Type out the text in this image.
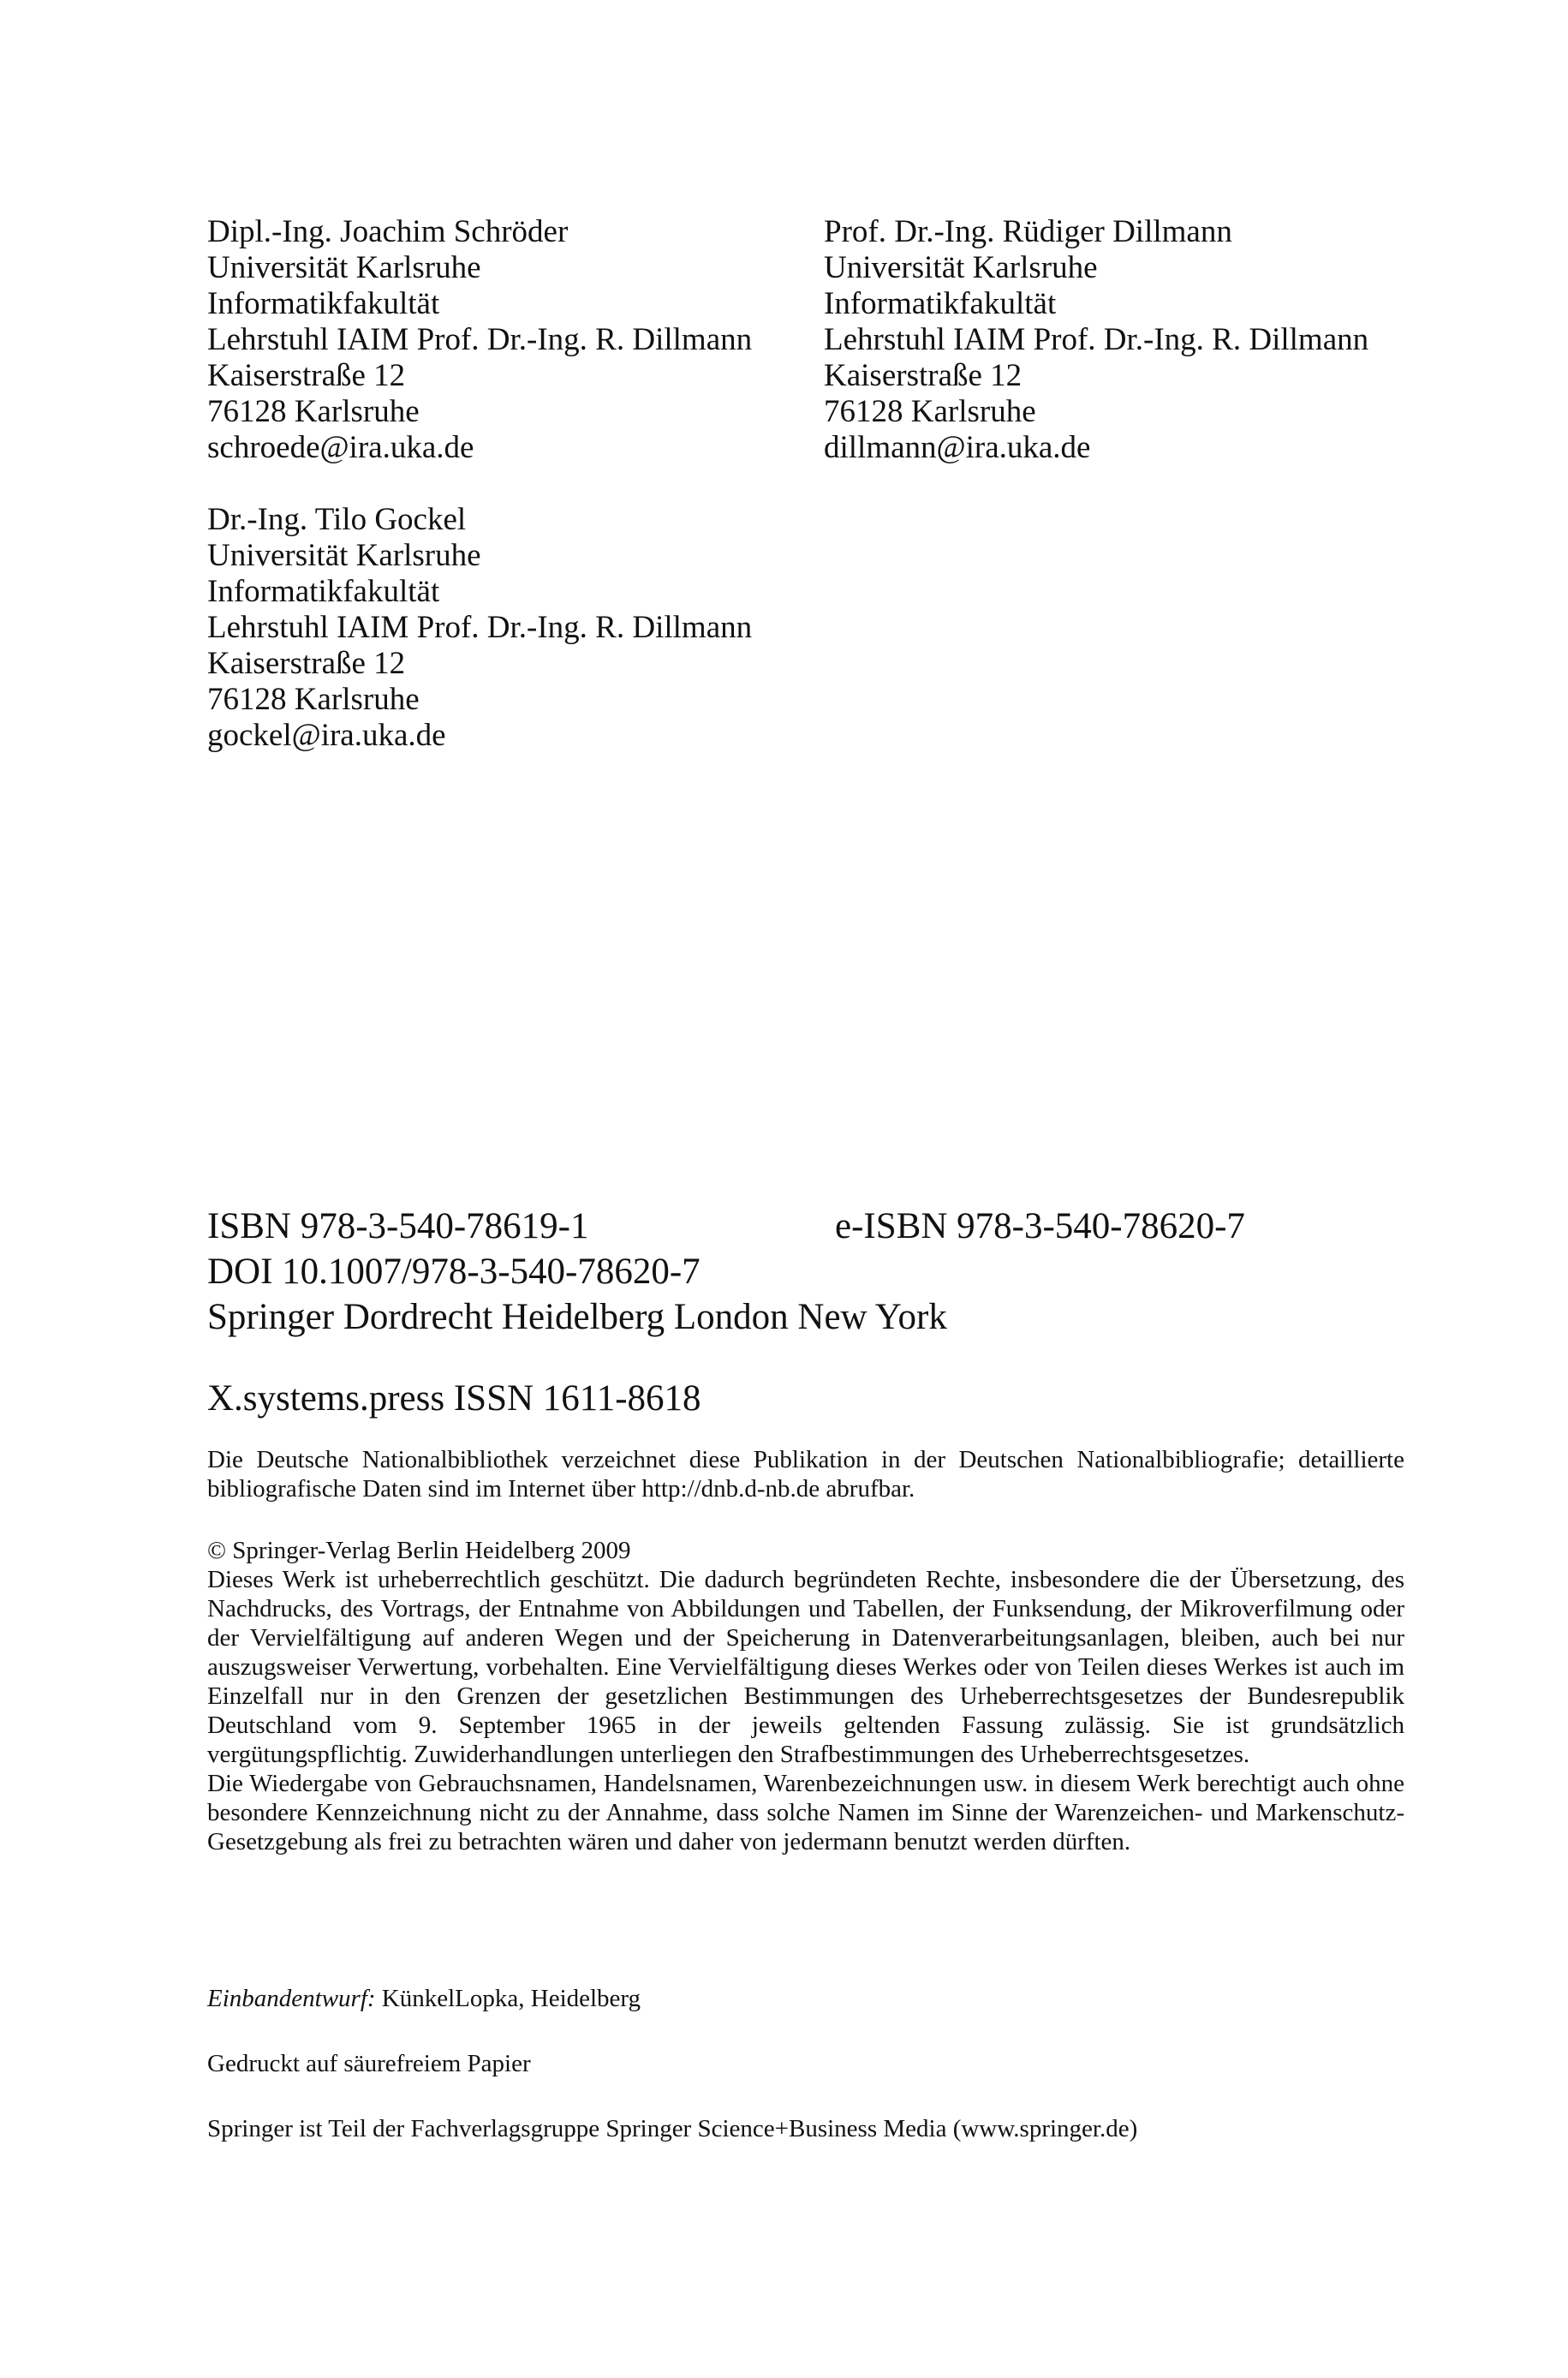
Dipl.-Ing. Joachim Schröder
Universität Karlsruhe
Informatikfakultät
Lehrstuhl IAIM Prof. Dr.-Ing. R. Dillmann
Kaiserstraße 12
76128 Karlsruhe
schroede@ira.uka.de
Prof. Dr.-Ing. Rüdiger Dillmann
Universität Karlsruhe
Informatikfakultät
Lehrstuhl IAIM Prof. Dr.-Ing. R. Dillmann
Kaiserstraße 12
76128 Karlsruhe
dillmann@ira.uka.de
Dr.-Ing. Tilo Gockel
Universität Karlsruhe
Informatikfakultät
Lehrstuhl IAIM Prof. Dr.-Ing. R. Dillmann
Kaiserstraße 12
76128 Karlsruhe
gockel@ira.uka.de
ISBN 978-3-540-78619-1	e-ISBN 978-3-540-78620-7
DOI 10.1007/978-3-540-78620-7
Springer Dordrecht Heidelberg London New York
X.systems.press ISSN 1611-8618

Die Deutsche Nationalbibliothek verzeichnet diese Publikation in der Deutschen Nationalbibliografie; detaillierte bibliografische Daten sind im Internet über http://dnb.d-nb.de abrufbar.

© Springer-Verlag Berlin Heidelberg 2009

Dieses Werk ist urheberrechtlich geschützt. Die dadurch begründeten Rechte, insbesondere die der Übersetzung, des Nachdrucks, des Vortrags, der Entnahme von Abbildungen und Tabellen, der Funksendung, der Mikroverfilmung oder der Vervielfältigung auf anderen Wegen und der Speicherung in Datenverarbeitungsanlagen, bleiben, auch bei nur auszugsweiser Verwertung, vorbehalten. Eine Vervielfältigung dieses Werkes oder von Teilen dieses Werkes ist auch im Einzelfall nur in den Grenzen der gesetzlichen Bestimmungen des Urheberrechtsgesetzes der Bundesrepublik Deutschland vom 9. September 1965 in der jeweils geltenden Fassung zulässig. Sie ist grundsätzlich vergütungspflichtig. Zuwiderhandlungen unterliegen den Strafbestimmungen des Urheberrechtsgesetzes.

Die Wiedergabe von Gebrauchsnamen, Handelsnamen, Warenbezeichnungen usw. in diesem Werk berechtigt auch ohne besondere Kennzeichnung nicht zu der Annahme, dass solche Namen im Sinne der Warenzeichen- und Markenschutz-Gesetzgebung als frei zu betrachten wären und daher von jedermann benutzt werden dürften.

Einbandentwurf: KünkelLopka, Heidelberg
Gedruckt auf säurefreiem Papier
Springer ist Teil der Fachverlagsgruppe Springer Science+Business Media (www.springer.de)
